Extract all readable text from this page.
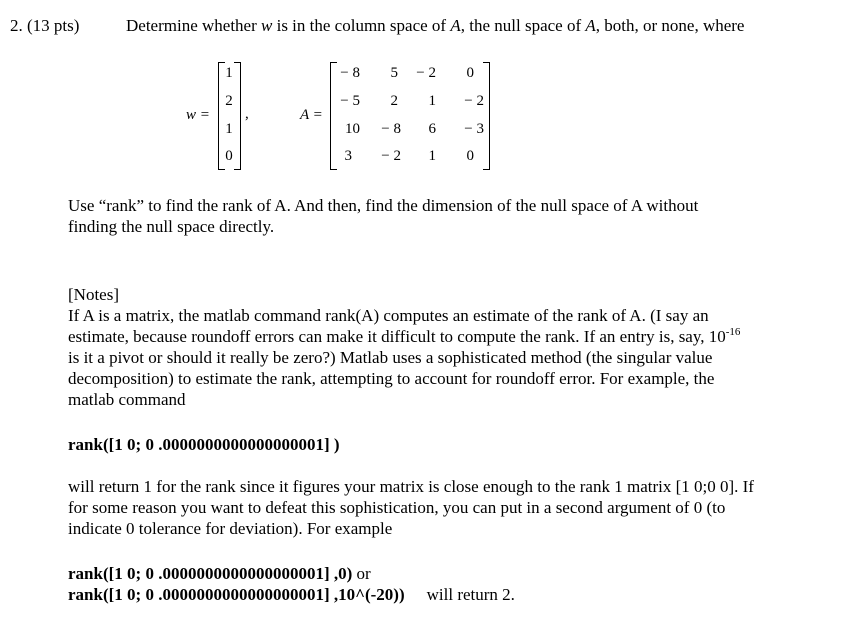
2. (13 pts)	Determine whether w is in the column space of A, the null space of A, both, or none, where
w =
1
2
1
0
,	A =
− 8	5	− 2	0
− 5	2	1	− 2
10	− 8	6	− 3
3	− 2	1	0
Use “rank” to find the rank of A. And then, find the dimension of the null space of A without
finding the null space directly.
[Notes]
If A is a matrix, the matlab command rank(A) computes an estimate of the rank of A. (I say an
estimate, because roundoff errors can make it difficult to compute the rank. If an entry is, say, $10^{-16}$
is it a pivot or should it really be zero?) Matlab uses a sophisticated method (the singular value
decomposition) to estimate the rank, attempting to account for roundoff error. For example, the
matlab command
rank([1 0; 0 .0000000000000000001] )
will return 1 for the rank since it figures your matrix is close enough to the rank 1 matrix [1 0;0 0]. If
for some reason you want to defeat this sophistication, you can put in a second argument of 0 (to
indicate 0 tolerance for deviation). For example
rank([1 0; 0 .0000000000000000001] ,0) or
rank([1 0; 0 .0000000000000000001] ,10^(-20)) will return 2.
